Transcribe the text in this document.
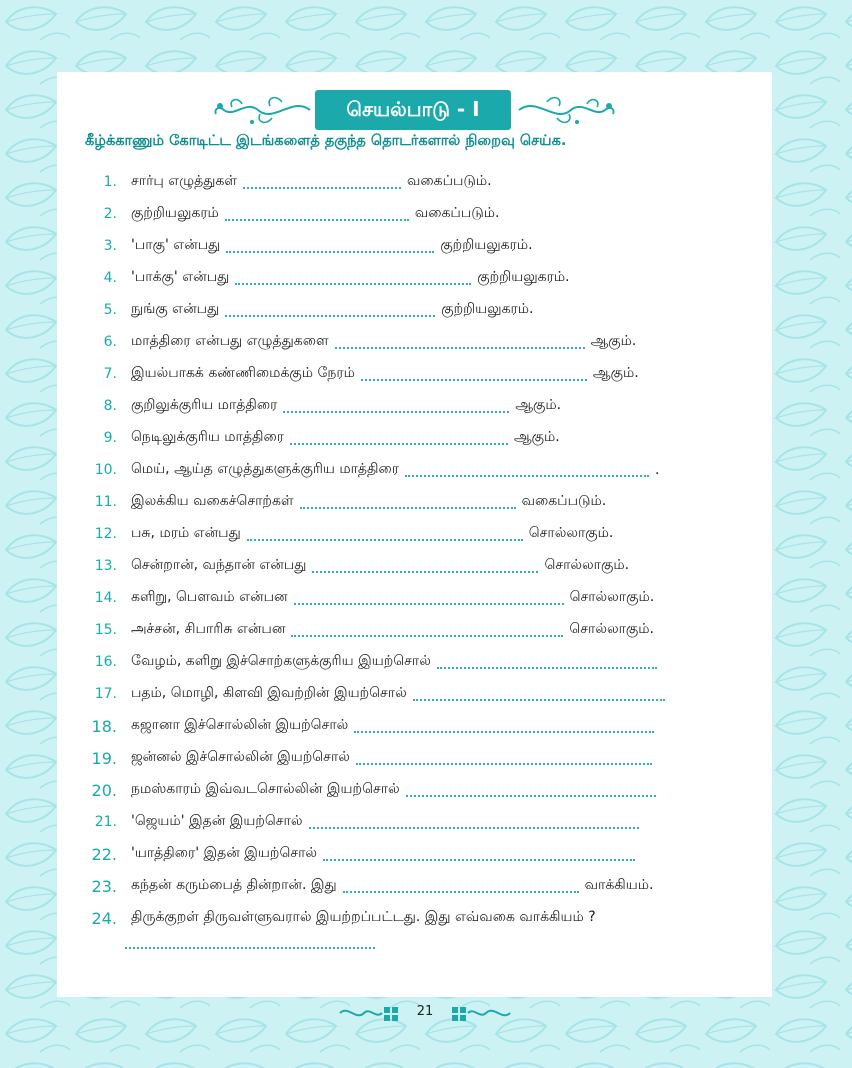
செயல்பாடு - I
கீழ்க்காணும் கோடிட்ட இடங்களைத் தகுந்த தொடர்களால் நிறைவு செய்க.
1.	சார்பு எழுத்துகள்	வகைப்படும்.
2.	குற்றியலுகரம்	வகைப்படும்.
3.	'பாகு' என்பது	குற்றியலுகரம்.
4.	'பாக்கு' என்பது	குற்றியலுகரம்.
5.	நுங்கு என்பது	குற்றியலுகரம்.
6.	மாத்திரை என்பது எழுத்துகளை	ஆகும்.
7.	இயல்பாகக் கண்ணிமைக்கும் நேரம்	ஆகும்.
8.	குறிலுக்குரிய மாத்திரை	ஆகும்.
9.	நெடிலுக்குரிய மாத்திரை	ஆகும்.
10.	மெய், ஆய்த எழுத்துகளுக்குரிய மாத்திரை	.
11.	இலக்கிய வகைச்சொற்கள்	வகைப்படும்.
12.	பசு, மரம் என்பது	சொல்லாகும்.
13.	சென்றான், வந்தான் என்பது	சொல்லாகும்.
14.	களிறு, பௌவம் என்பன	சொல்லாகும்.
15.	அச்சன், சிபாரிசு என்பன	சொல்லாகும்.
16.	வேழம், களிறு இச்சொற்களுக்குரிய இயற்சொல்
17.	பதம், மொழி, கிளவி இவற்றின் இயற்சொல்
18.	கஜானா இச்சொல்லின் இயற்சொல்
19.	ஜன்னல் இச்சொல்லின் இயற்சொல்
20.	நமஸ்காரம் இவ்வடசொல்லின் இயற்சொல்
21.	'ஜெயம்' இதன் இயற்சொல்
22.	'யாத்திரை' இதன் இயற்சொல்
23.	கந்தன் கரும்பைத் தின்றான். இது	வாக்கியம்.
24.	திருக்குறள் திருவள்ளுவரால் இயற்றப்பட்டது. இது எவ்வகை வாக்கியம் ?
21
